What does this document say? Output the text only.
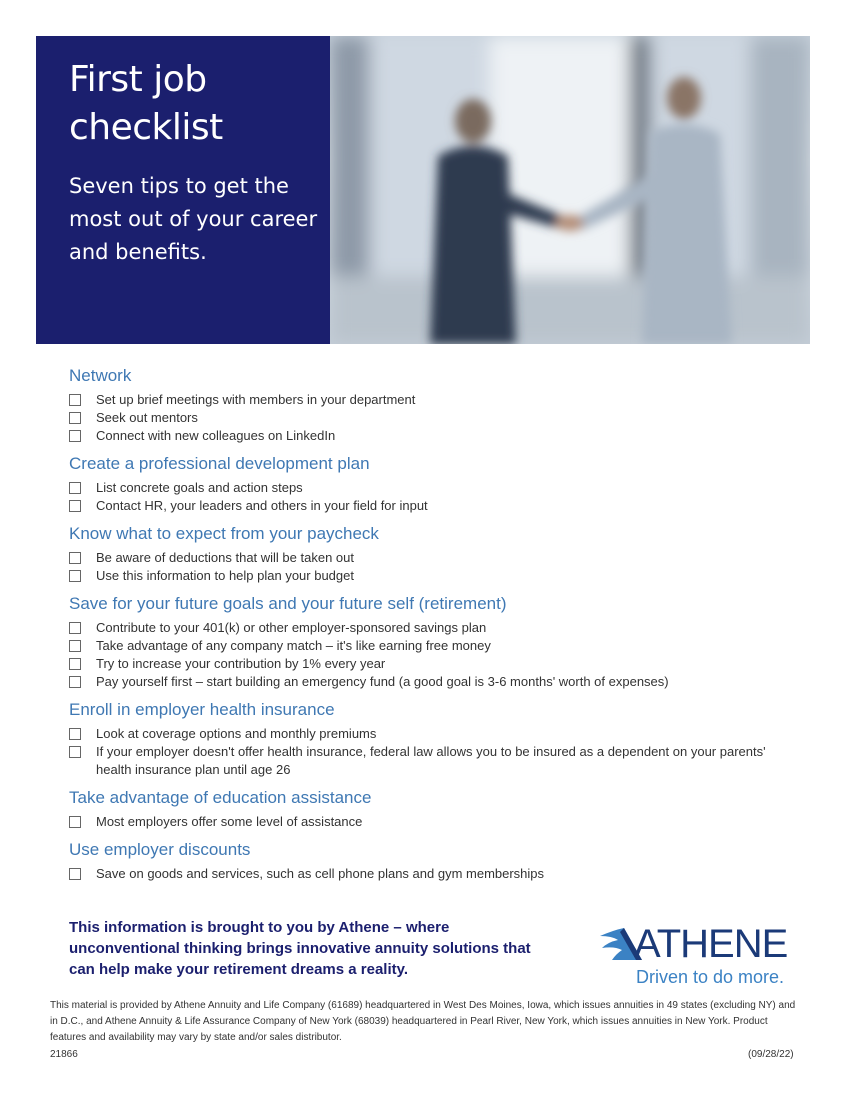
First job
checklist

Seven tips to get the most out of your career and benefits.

Network
Set up brief meetings with members in your department
Seek out mentors
Connect with new colleagues on LinkedIn
Create a professional development plan
List concrete goals and action steps
Contact HR, your leaders and others in your field for input
Know what to expect from your paycheck
Be aware of deductions that will be taken out
Use this information to help plan your budget
Save for your future goals and your future self (retirement)
Contribute to your 401(k) or other employer-sponsored savings plan
Take advantage of any company match – it's like earning free money
Try to increase your contribution by 1% every year
Pay yourself first – start building an emergency fund (a good goal is 3-6 months' worth of expenses)
Enroll in employer health insurance
Look at coverage options and monthly premiums
If your employer doesn't offer health insurance, federal law allows you to be insured as a dependent on your parents' health insurance plan until age 26
Take advantage of education assistance
Most employers offer some level of assistance
Use employer discounts
Save on goods and services, such as cell phone plans and gym memberships

This information is brought to you by Athene – where unconventional thinking brings innovative annuity solutions that can help make your retirement dreams a reality.

ATHENE
Driven to do more.

This material is provided by Athene Annuity and Life Company (61689) headquartered in West Des Moines, Iowa, which issues annuities in 49 states (excluding NY) and in D.C., and Athene Annuity & Life Assurance Company of New York (68039) headquartered in Pearl River, New York, which issues annuities in New York. Product features and availability may vary by state and/or sales distributor.

21866	(09/28/22)
